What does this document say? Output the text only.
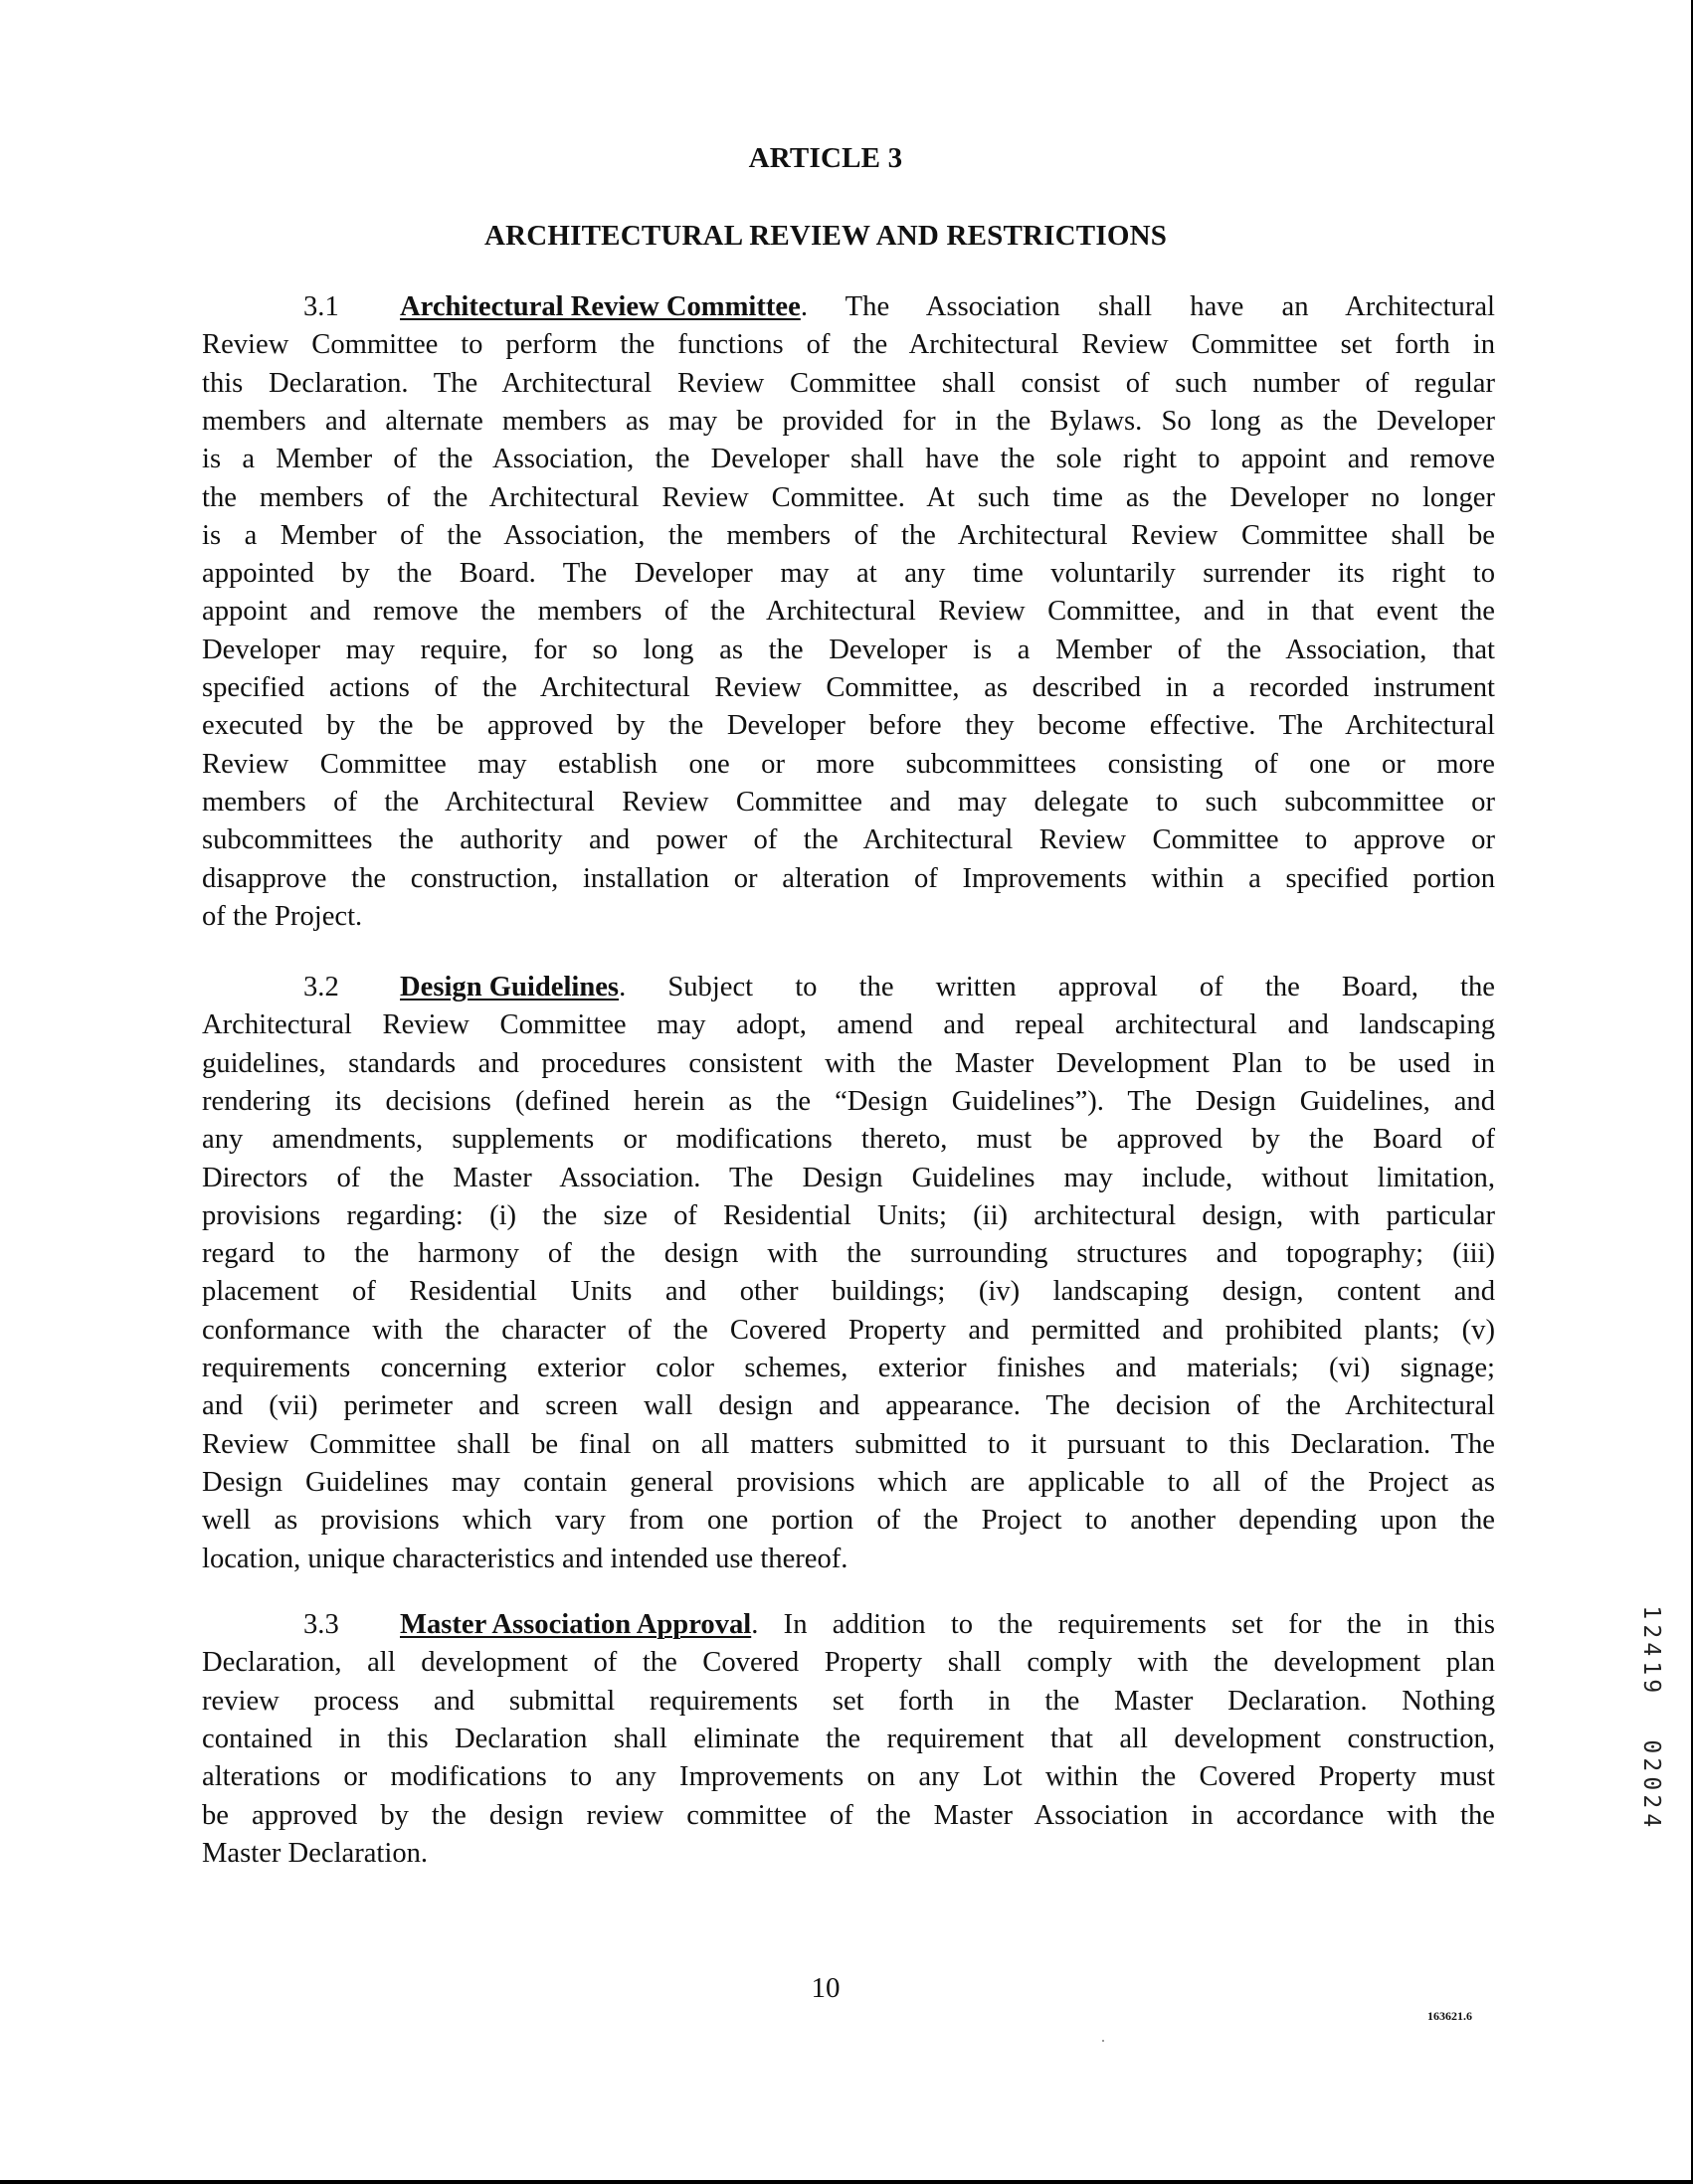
ARTICLE 3
ARCHITECTURAL REVIEW AND RESTRICTIONS
3.1	Architectural Review Committee . The Association shall have an Architectural
Review Committee to perform the functions of the Architectural Review Committee set forth in
this Declaration. The Architectural Review Committee shall consist of such number of regular
members and alternate members as may be provided for in the Bylaws. So long as the Developer
is a Member of the Association, the Developer shall have the sole right to appoint and remove
the members of the Architectural Review Committee. At such time as the Developer no longer
is a Member of the Association, the members of the Architectural Review Committee shall be
appointed by the Board. The Developer may at any time voluntarily surrender its right to
appoint and remove the members of the Architectural Review Committee, and in that event the
Developer may require, for so long as the Developer is a Member of the Association, that
specified actions of the Architectural Review Committee, as described in a recorded instrument
executed by the be approved by the Developer before they become effective. The Architectural
Review Committee may establish one or more subcommittees consisting of one or more
members of the Architectural Review Committee and may delegate to such subcommittee or
subcommittees the authority and power of the Architectural Review Committee to approve or
disapprove the construction, installation or alteration of Improvements within a specified portion
of the Project.
3.2	Design Guidelines . Subject to the written approval of the Board, the
Architectural Review Committee may adopt, amend and repeal architectural and landscaping
guidelines, standards and procedures consistent with the Master Development Plan to be used in
rendering its decisions (defined herein as the “Design Guidelines”). The Design Guidelines, and
any amendments, supplements or modifications thereto, must be approved by the Board of
Directors of the Master Association. The Design Guidelines may include, without limitation,
provisions regarding: (i) the size of Residential Units; (ii) architectural design, with particular
regard to the harmony of the design with the surrounding structures and topography; (iii)
placement of Residential Units and other buildings; (iv) landscaping design, content and
conformance with the character of the Covered Property and permitted and prohibited plants; (v)
requirements concerning exterior color schemes, exterior finishes and materials; (vi) signage;
and (vii) perimeter and screen wall design and appearance. The decision of the Architectural
Review Committee shall be final on all matters submitted to it pursuant to this Declaration. The
Design Guidelines may contain general provisions which are applicable to all of the Project as
well as provisions which vary from one portion of the Project to another depending upon the
location, unique characteristics and intended use thereof.
3.3	Master Association Approval . In addition to the requirements set for the in this
Declaration, all development of the Covered Property shall comply with the development plan
review process and submittal requirements set forth in the Master Declaration. Nothing
contained in this Declaration shall eliminate the requirement that all development construction,
alterations or modifications to any Improvements on any Lot within the Covered Property must
be approved by the design review committee of the Master Association in accordance with the
Master Declaration.
10
163621.6
1
2
4
1
9
0
2
0
2
4
